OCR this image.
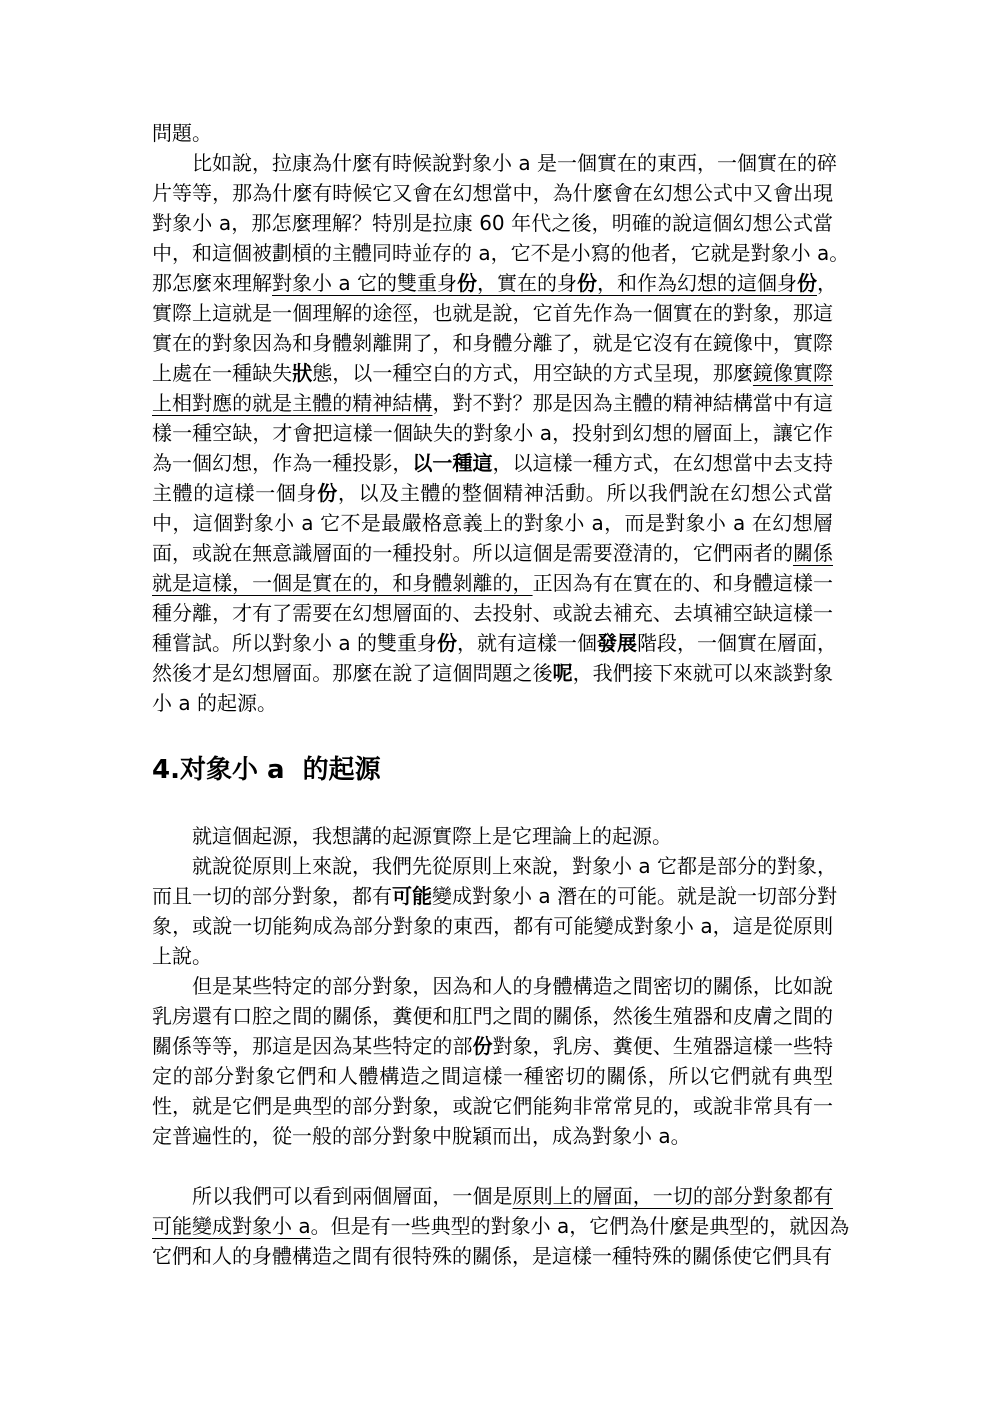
問題。
比如說，拉康為什麼有時候說對象小 a 是一個實在的東西，一個實在的碎
片等等，那為什麼有時候它又會在幻想當中，為什麼會在幻想公式中又會出現
對象小 a，那怎麼理解？特別是拉康 60 年代之後，明確的說這個幻想公式當
中，和這個被劃槓的主體同時並存的 a，它不是小寫的他者，它就是對象小 a。
那怎麼來理解對象小 a 它的雙重身份，實在的身份，和作為幻想的這個身份，
實際上這就是一個理解的途徑，也就是說，它首先作為一個實在的對象，那這
實在的對象因為和身體剝離開了，和身體分離了，就是它沒有在鏡像中，實際
上處在一種缺失狀態，以一種空白的方式，用空缺的方式呈現，那麼鏡像實際
上相對應的就是主體的精神結構，對不對？那是因為主體的精神結構當中有這
樣一種空缺，才會把這樣一個缺失的對象小 a，投射到幻想的層面上，讓它作
為一個幻想，作為一種投影，以一種這，以這樣一種方式，在幻想當中去支持
主體的這樣一個身份，以及主體的整個精神活動。所以我們說在幻想公式當
中，這個對象小 a 它不是最嚴格意義上的對象小 a，而是對象小 a 在幻想層
面，或說在無意識層面的一種投射。所以這個是需要澄清的，它們兩者的關係
就是這樣，一個是實在的，和身體剝離的，正因為有在實在的、和身體這樣一
種分離，才有了需要在幻想層面的、去投射、或說去補充、去填補空缺這樣一
種嘗試。所以對象小 a 的雙重身份，就有這樣一個發展階段，一個實在層面，
然後才是幻想層面。那麼在說了這個問題之後呢，我們接下來就可以來談對象
小 a 的起源。
4.对象小 a  的起源
就這個起源，我想講的起源實際上是它理論上的起源。
就說從原則上來說，我們先從原則上來說，對象小 a 它都是部分的對象，
而且一切的部分對象，都有可能變成對象小 a 潛在的可能。就是說一切部分對
象，或說一切能夠成為部分對象的東西，都有可能變成對象小 a，這是從原則
上說。
但是某些特定的部分對象，因為和人的身體構造之間密切的關係，比如說
乳房還有口腔之間的關係，糞便和肛門之間的關係，然後生殖器和皮膚之間的
關係等等，那這是因為某些特定的部份對象，乳房、糞便、生殖器這樣一些特
定的部分對象它們和人體構造之間這樣一種密切的關係，所以它們就有典型
性，就是它們是典型的部分對象，或說它們能夠非常常見的，或說非常具有一
定普遍性的，從一般的部分對象中脫穎而出，成為對象小 a。
所以我們可以看到兩個層面，一個是原則上的層面，一切的部分對象都有
可能變成對象小 a。但是有一些典型的對象小 a，它們為什麼是典型的，就因為
它們和人的身體構造之間有很特殊的關係，是這樣一種特殊的關係使它們具有
